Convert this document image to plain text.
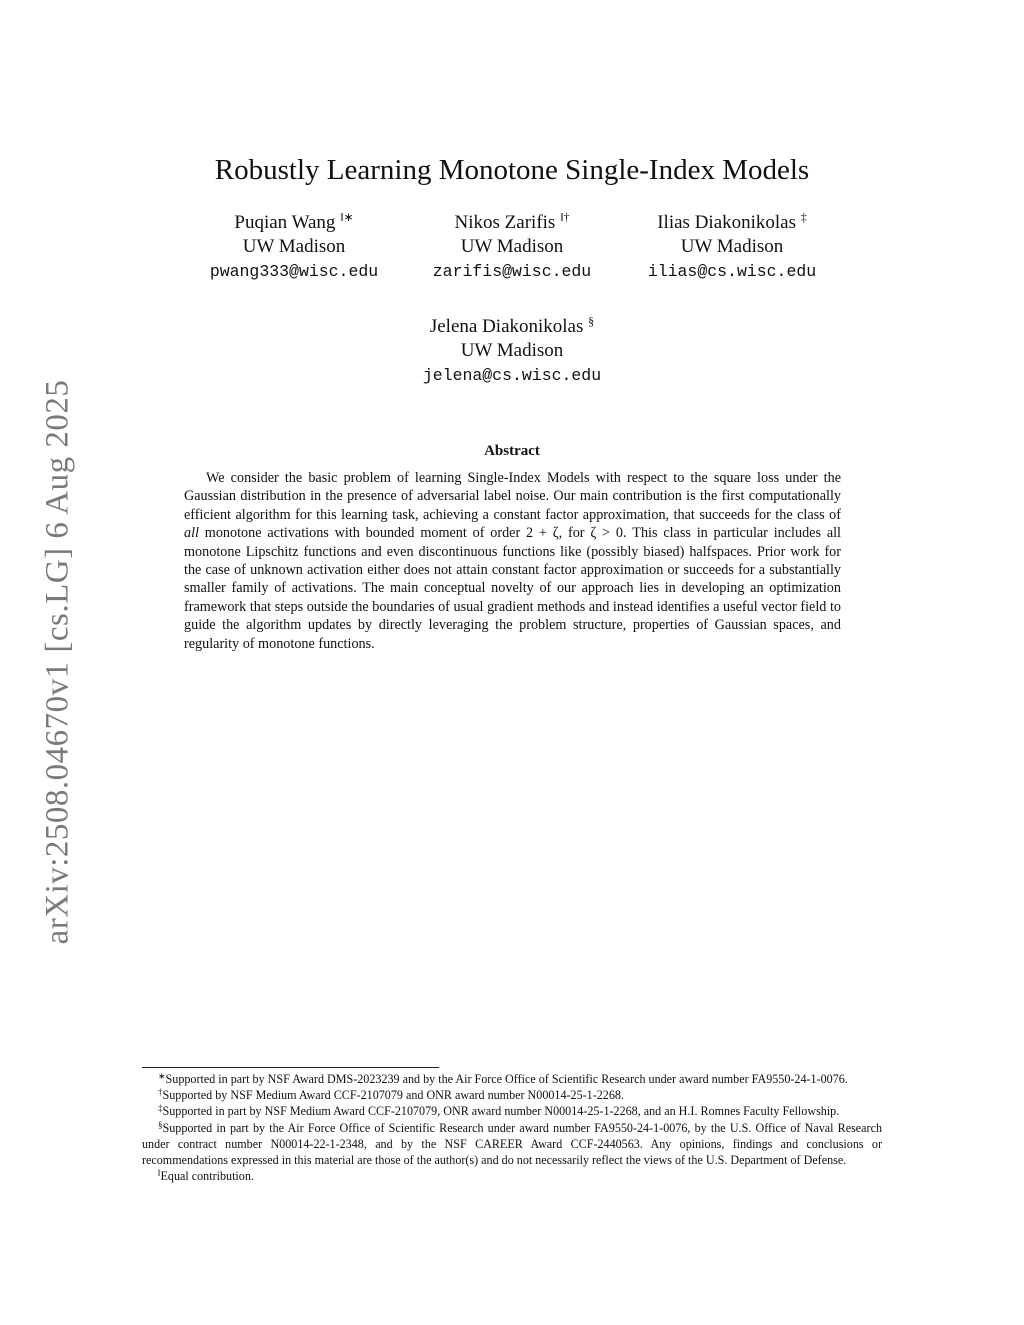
arXiv:2508.04670v1 [cs.LG] 6 Aug 2025
Robustly Learning Monotone Single-Index Models
Puqian Wang ‖∗
UW Madison
pwang333@wisc.edu
Nikos Zarifis ‖†
UW Madison
zarifis@wisc.edu
Ilias Diakonikolas ‡
UW Madison
ilias@cs.wisc.edu
Jelena Diakonikolas §
UW Madison
jelena@cs.wisc.edu
Abstract
We consider the basic problem of learning Single-Index Models with respect to the square loss under the Gaussian distribution in the presence of adversarial label noise. Our main contribution is the first computationally efficient algorithm for this learning task, achieving a constant factor approximation, that succeeds for the class of all monotone activations with bounded moment of order 2 + ζ, for ζ > 0. This class in particular includes all monotone Lipschitz functions and even discontinuous functions like (possibly biased) halfspaces. Prior work for the case of unknown activation either does not attain constant factor approximation or succeeds for a substantially smaller family of activations. The main conceptual novelty of our approach lies in developing an optimization framework that steps outside the boundaries of usual gradient methods and instead identifies a useful vector field to guide the algorithm updates by directly leveraging the problem structure, properties of Gaussian spaces, and regularity of monotone functions.

∗Supported in part by NSF Award DMS-2023239 and by the Air Force Office of Scientific Research under award number FA9550-24-1-0076.

†Supported by NSF Medium Award CCF-2107079 and ONR award number N00014-25-1-2268.

‡Supported in part by NSF Medium Award CCF-2107079, ONR award number N00014-25-1-2268, and an H.I. Romnes Faculty Fellowship.

§Supported in part by the Air Force Office of Scientific Research under award number FA9550-24-1-0076, by the U.S. Office of Naval Research under contract number N00014-22-1-2348, and by the NSF CAREER Award CCF-2440563. Any opinions, findings and conclusions or recommendations expressed in this material are those of the author(s) and do not necessarily reflect the views of the U.S. Department of Defense.

‖Equal contribution.
